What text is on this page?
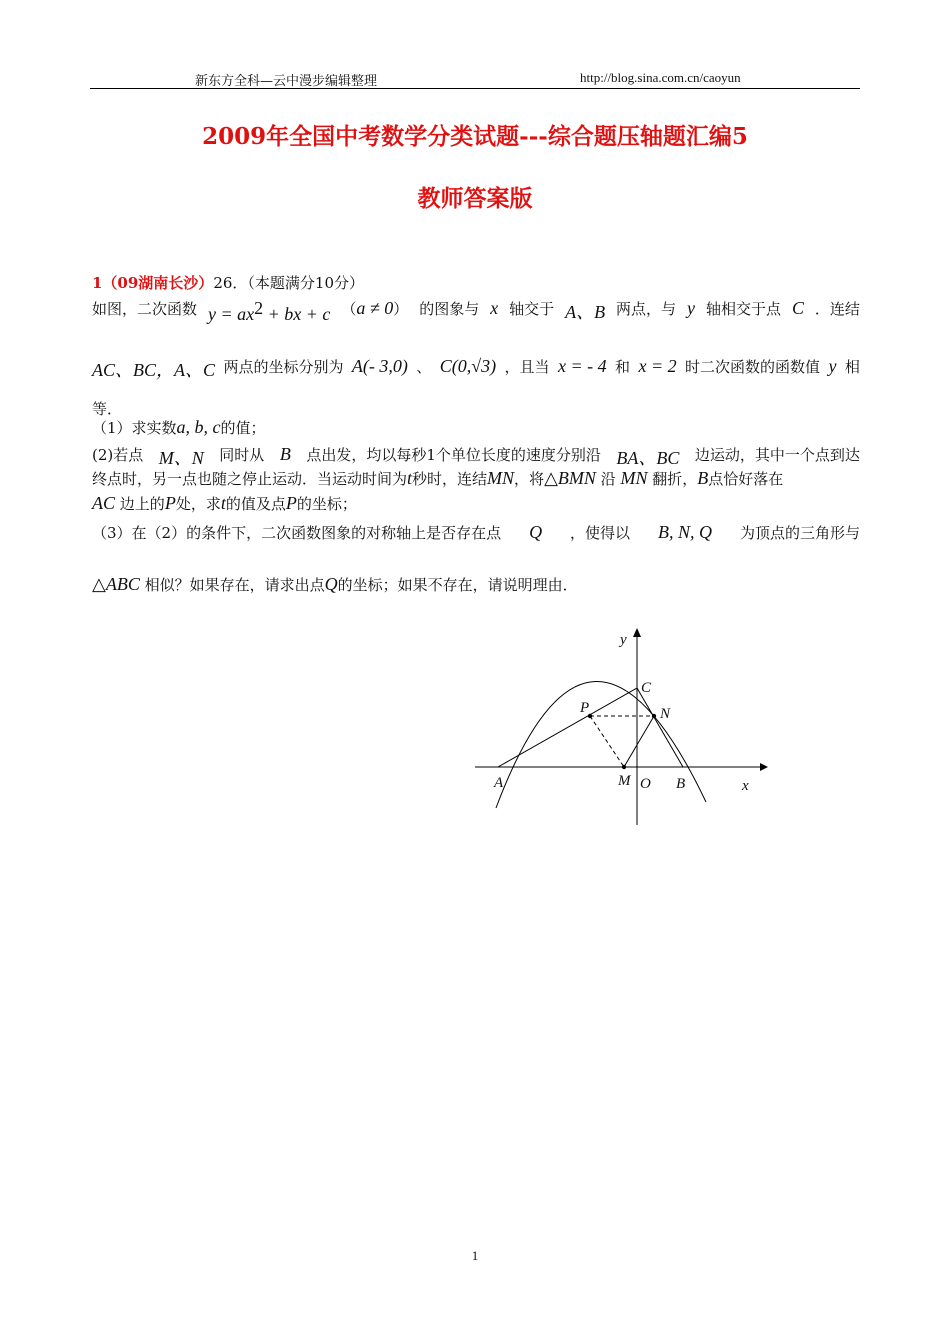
新东方全科—云中漫步编辑整理	http://blog.sina.com.cn/caoyun
2009年全国中考数学分类试题---综合题压轴题汇编5
教师答案版
1（09湖南长沙）26．（本题满分10分）
如图，二次函数 $y = ax^2$ + bx + c （a ≠ 0） 的图象与 x 轴交于 A、B 两点，与 y 轴相交于点 C ．连结
AC、BC，A、C 两点的坐标分别为 A(- 3,0) 、 C(0,√3) ，且当 x = - 4 和 x = 2 时二次函数的函数值 y 相
等．
（1）求实数a, b, c的值；
(2)若点 M、N 同时从 B 点出发，均以每秒1个单位长度的速度分别沿 BA、BC 边运动，其中一个点到达
终点时，另一点也随之停止运动．当运动时间为t秒时，连结MN，将△BMN 沿 MN 翻折，B点恰好落在
AC 边上的P处，求t的值及点P的坐标；
（3）在（2）的条件下，二次函数图象的对称轴上是否存在点 Q ，使得以 B, N, Q 为顶点的三角形与
△ABC 相似？如果存在，请求出点Q的坐标；如果不存在，请说明理由．
y
C
P	N
A	M O B	x
1
